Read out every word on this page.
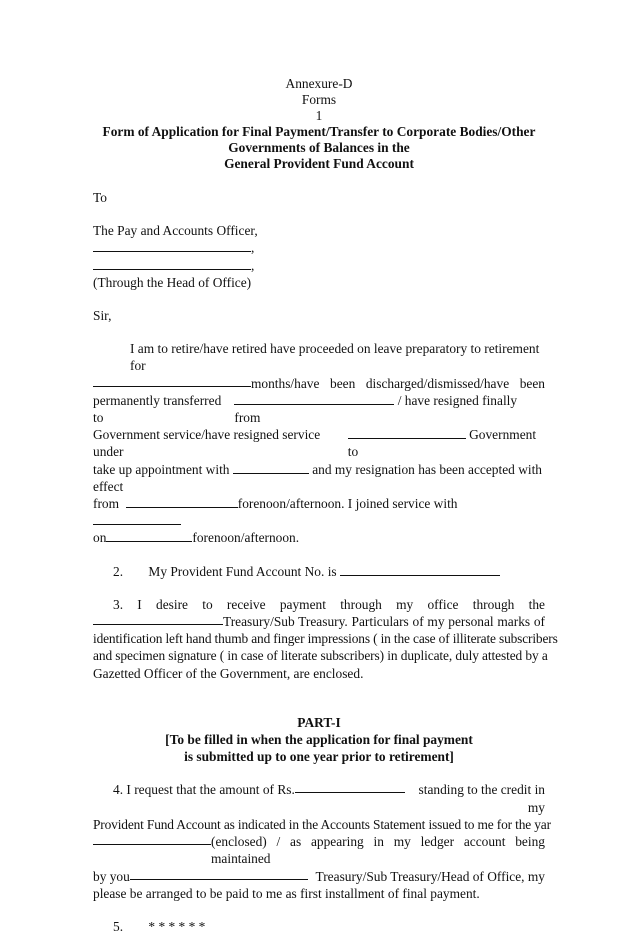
Annexure-D
Forms
1
Form of Application for Final Payment/Transfer to Corporate Bodies/Other
Governments of Balances in the
General Provident Fund Account

To

The Pay and Accounts Officer,

,

,

(Through the Head of Office)

Sir,

I am to retire/have retired have proceeded on leave preparatory to retirement for

months/have been discharged/dismissed/have been

permanently transferred to
/ have resigned finally from

Government service/have resigned service under
Government to

take up appointment with	and my resignation has been accepted with effect

from	forenoon/afternoon. I joined service with

on	forenoon/afternoon.

2. My Provident Fund Account No. is

3. I desire to receive payment through my office through the

Treasury/Sub Treasury. Particulars of my personal marks of

identification left hand thumb and finger impressions ( in the case of illiterate subscribers

and specimen signature ( in case of literate subscribers) in duplicate, duly attested by a

Gazetted Officer of the Government, are enclosed.

PART-I
[To be filled in when the application for final payment
is submitted up to one year prior to retirement]

4. I request that the amount of Rs.	standing to the credit in my

Provident Fund Account as indicated in the Accounts Statement issued to me for the yar

(enclosed) / as appearing in my ledger account being maintained

by you	Treasury/Sub Treasury/Head of Office, my

please be arranged to be paid to me as first installment of final payment.

5. * * * * * *
